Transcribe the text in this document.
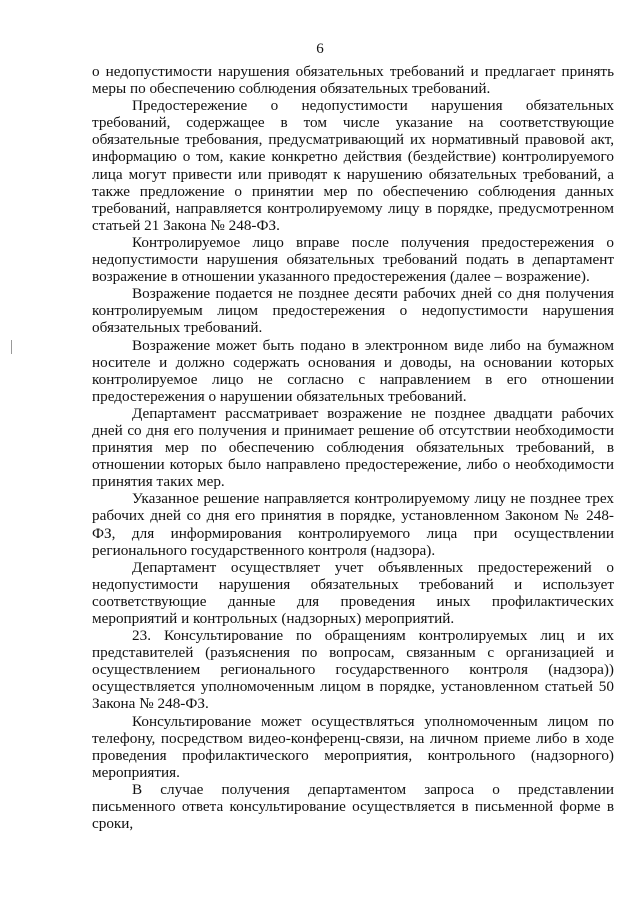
6

о недопустимости нарушения обязательных требований и предлагает принять меры по обеспечению соблюдения обязательных требований.

Предостережение о недопустимости нарушения обязательных требований, содержащее в том числе указание на соответствующие обязательные требования, предусматривающий их нормативный правовой акт, информацию о том, какие конкретно действия (бездействие) контролируемого лица могут привести или приводят к нарушению обязательных требований, а также предложение о принятии мер по обеспечению соблюдения данных требований, направляется контролируемому лицу в порядке, предусмотренном статьей 21 Закона № 248-ФЗ.

Контролируемое лицо вправе после получения предостережения о недопустимости нарушения обязательных требований подать в департамент возражение в отношении указанного предостережения (далее – возражение).

Возражение подается не позднее десяти рабочих дней со дня получения контролируемым лицом предостережения о недопустимости нарушения обязательных требований.

Возражение может быть подано в электронном виде либо на бумажном носителе и должно содержать основания и доводы, на основании которых контролируемое лицо не согласно с направлением в его отношении предостережения о нарушении обязательных требований.

Департамент рассматривает возражение не позднее двадцати рабочих дней со дня его получения и принимает решение об отсутствии необходимости принятия мер по обеспечению соблюдения обязательных требований, в отношении которых было направлено предостережение, либо о необходимости принятия таких мер.

Указанное решение направляется контролируемому лицу не позднее трех рабочих дней со дня его принятия в порядке, установленном Законом № 248-ФЗ, для информирования контролируемого лица при осуществлении регионального государственного контроля (надзора).

Департамент осуществляет учет объявленных предостережений о недопустимости нарушения обязательных требований и использует соответствующие данные для проведения иных профилактических мероприятий и контрольных (надзорных) мероприятий.

23. Консультирование по обращениям контролируемых лиц и их представителей (разъяснения по вопросам, связанным с организацией и осуществлением регионального государственного контроля (надзора)) осуществляется уполномоченным лицом в порядке, установленном статьей 50 Закона № 248-ФЗ.

Консультирование может осуществляться уполномоченным лицом по телефону, посредством видео-конференц-связи, на личном приеме либо в ходе проведения профилактического мероприятия, контрольного (надзорного) мероприятия.

В случае получения департаментом запроса о представлении письменного ответа консультирование осуществляется в письменной форме в сроки,
